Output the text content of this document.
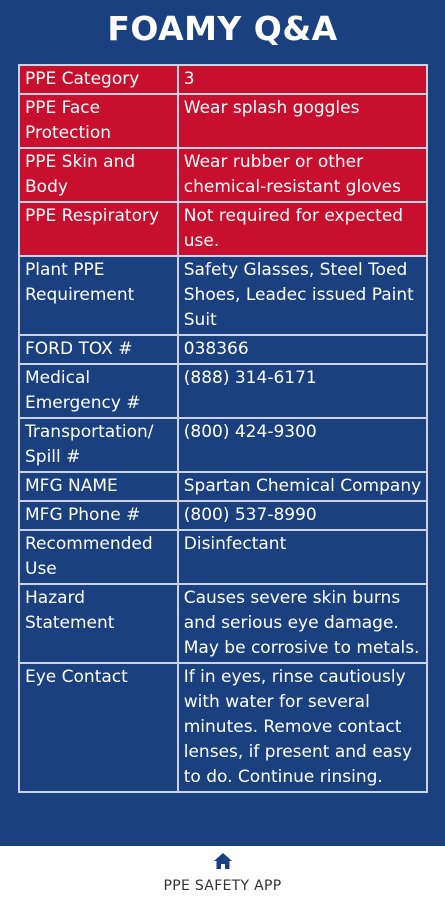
FOAMY Q&A
PPE Category	3
PPE Face Protection	Wear splash goggles
PPE Skin and Body	Wear rubber or other chemical-resistant gloves
PPE Respiratory	Not required for expected use.
Plant PPE Requirement	Safety Glasses, Steel Toed Shoes, Leadec issued Paint Suit
FORD TOX #	038366
Medical Emergency #	(888) 314-6171
Transportation/ Spill #	(800) 424-9300
MFG NAME	Spartan Chemical Company
MFG Phone #	(800) 537-8990
Recommended Use	Disinfectant
Hazard Statement	Causes severe skin burns and serious eye damage. May be corrosive to metals.
Eye Contact	If in eyes, rinse cautiously with water for several minutes. Remove contact lenses, if present and easy to do. Continue rinsing.
PPE SAFETY APP
